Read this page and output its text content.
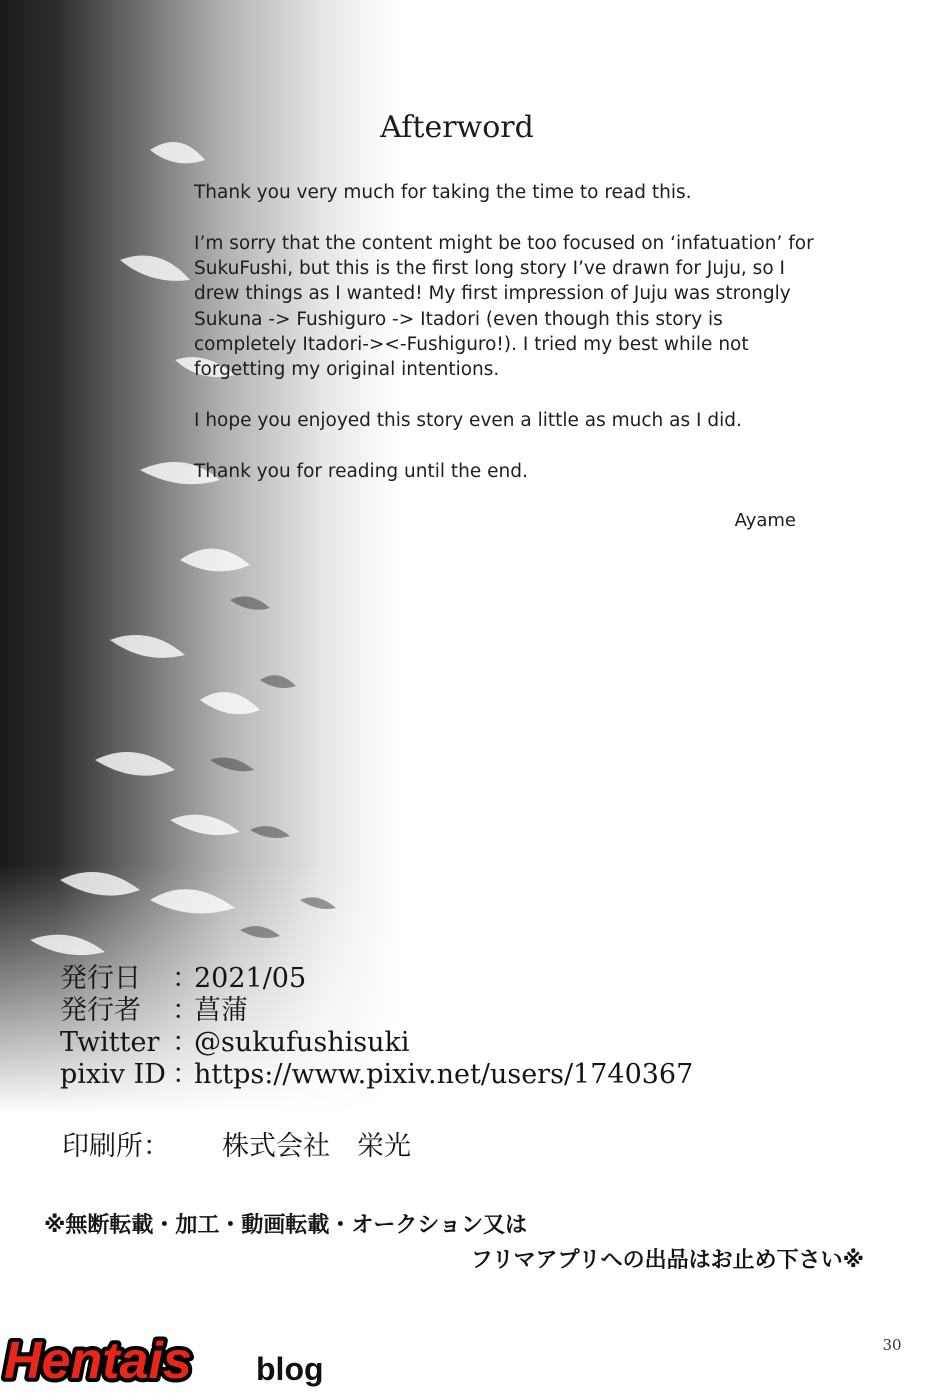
Afterword

Thank you very much for taking the time to read this.

I’m sorry that the content might be too focused on ‘infatuation’ for SukuFushi, but this is the first long story I’ve drawn for Juju, so I drew things as I wanted! My first impression of Juju was strongly Sukuna -> Fushiguro -> Itadori (even though this story is completely Itadori-><-Fushiguro!). I tried my best while not forgetting my original intentions.

I hope you enjoyed this story even a little as much as I did.

Thank you for reading until the end.

Ayame
発行日	：
2021/05
発行者	：
菖蒲
Twitter ：
@sukufushisuki
pixiv ID ：
https://www.pixiv.net/users/1740367
印刷所：	株式会社　栄光
※無断転載・加工・動画転載・オークション又は
フリマアプリへの出品はお止め下さい※
30
Hentais blog
